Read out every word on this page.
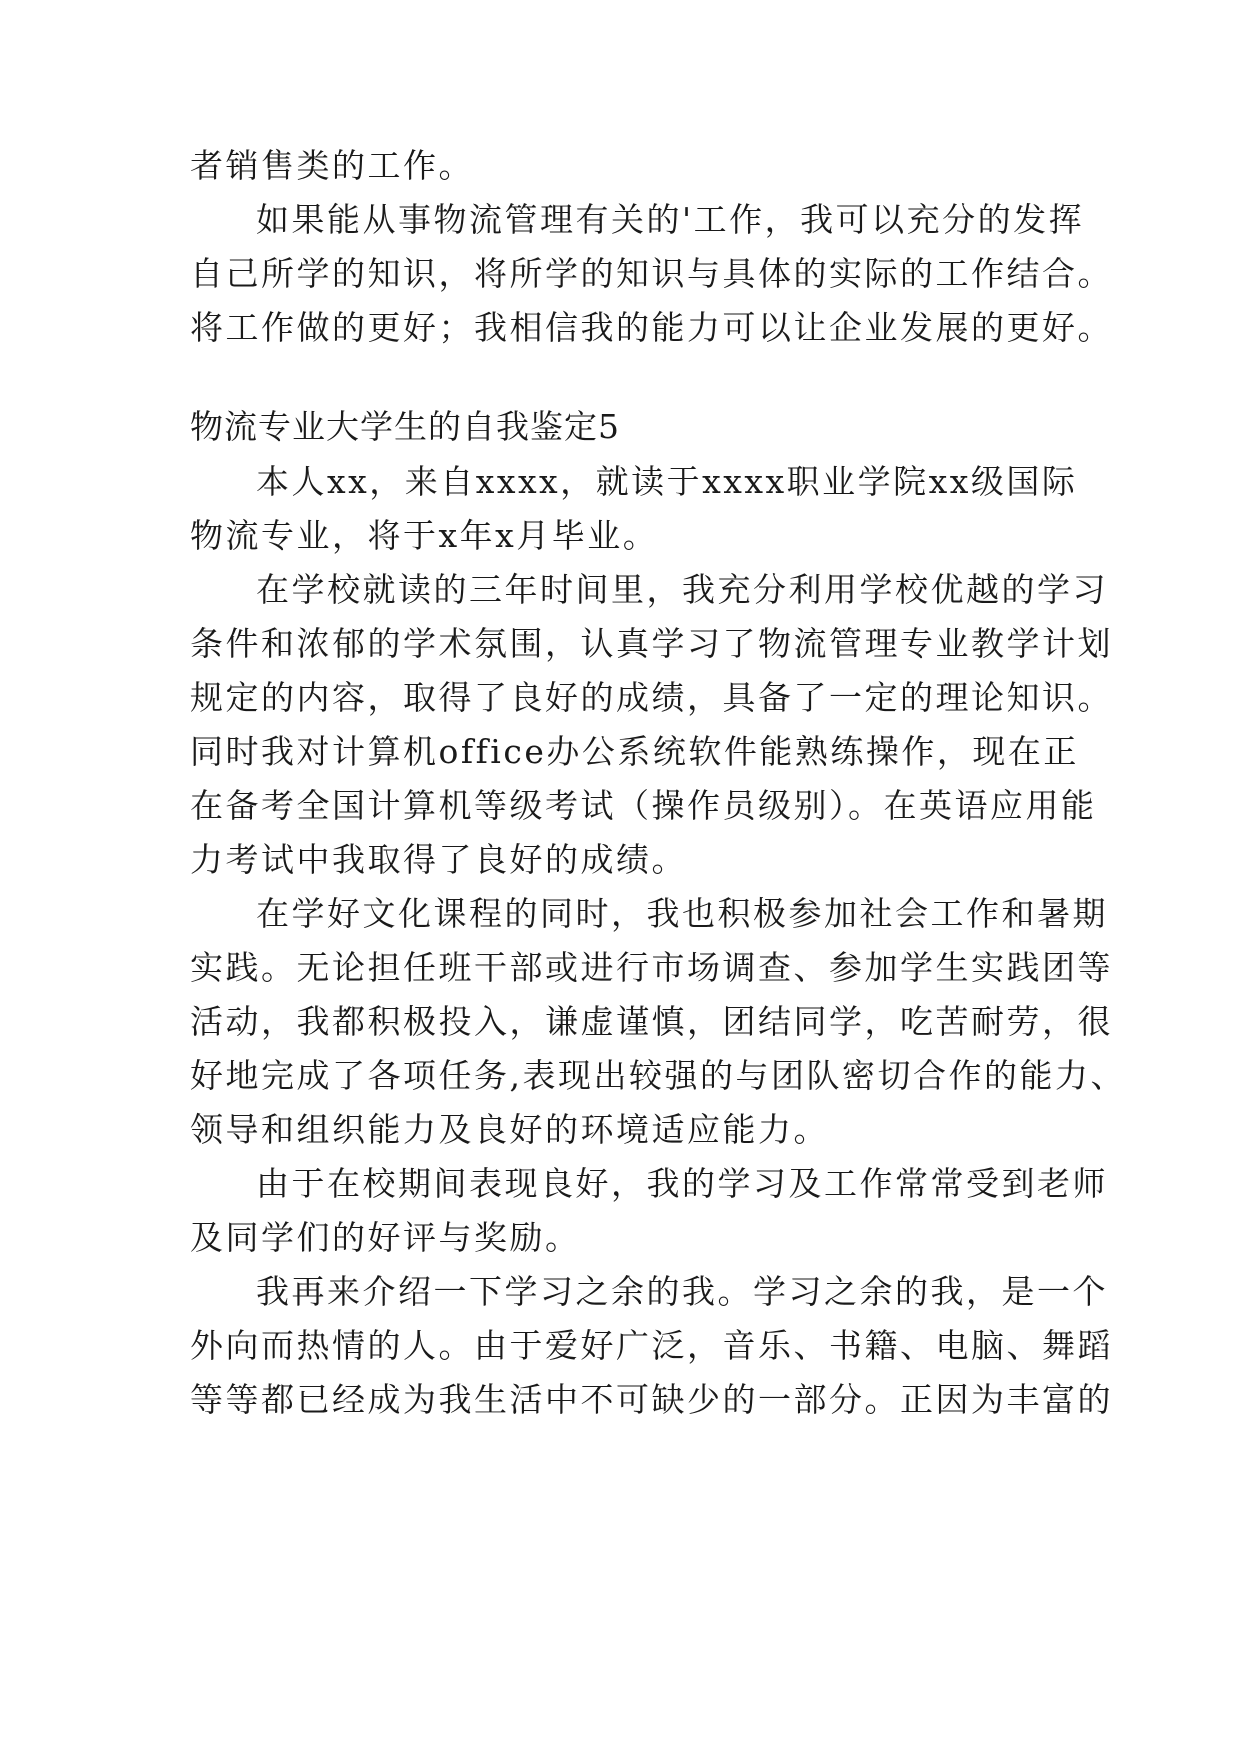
者销售类的工作。

如果能从事物流管理有关的'工作，我可以充分的发挥

自己所学的知识，将所学的知识与具体的实际的工作结合。

将工作做的更好；我相信我的能力可以让企业发展的更好。

物流专业大学生的自我鉴定5

本人xx，来自xxxx，就读于xxxx职业学院xx级国际

物流专业，将于x年x月毕业。

在学校就读的三年时间里，我充分利用学校优越的学习

条件和浓郁的学术氛围，认真学习了物流管理专业教学计划

规定的内容，取得了良好的成绩，具备了一定的理论知识。

同时我对计算机office办公系统软件能熟练操作，现在正

在备考全国计算机等级考试（操作员级别）。在英语应用能

力考试中我取得了良好的成绩。

在学好文化课程的同时，我也积极参加社会工作和暑期

实践。无论担任班干部或进行市场调查、参加学生实践团等

活动，我都积极投入，谦虚谨慎，团结同学，吃苦耐劳，很

好地完成了各项任务,表现出较强的与团队密切合作的能力、

领导和组织能力及良好的环境适应能力。

由于在校期间表现良好，我的学习及工作常常受到老师

及同学们的好评与奖励。

我再来介绍一下学习之余的我。学习之余的我，是一个

外向而热情的人。由于爱好广泛，音乐、书籍、电脑、舞蹈

等等都已经成为我生活中不可缺少的一部分。正因为丰富的
